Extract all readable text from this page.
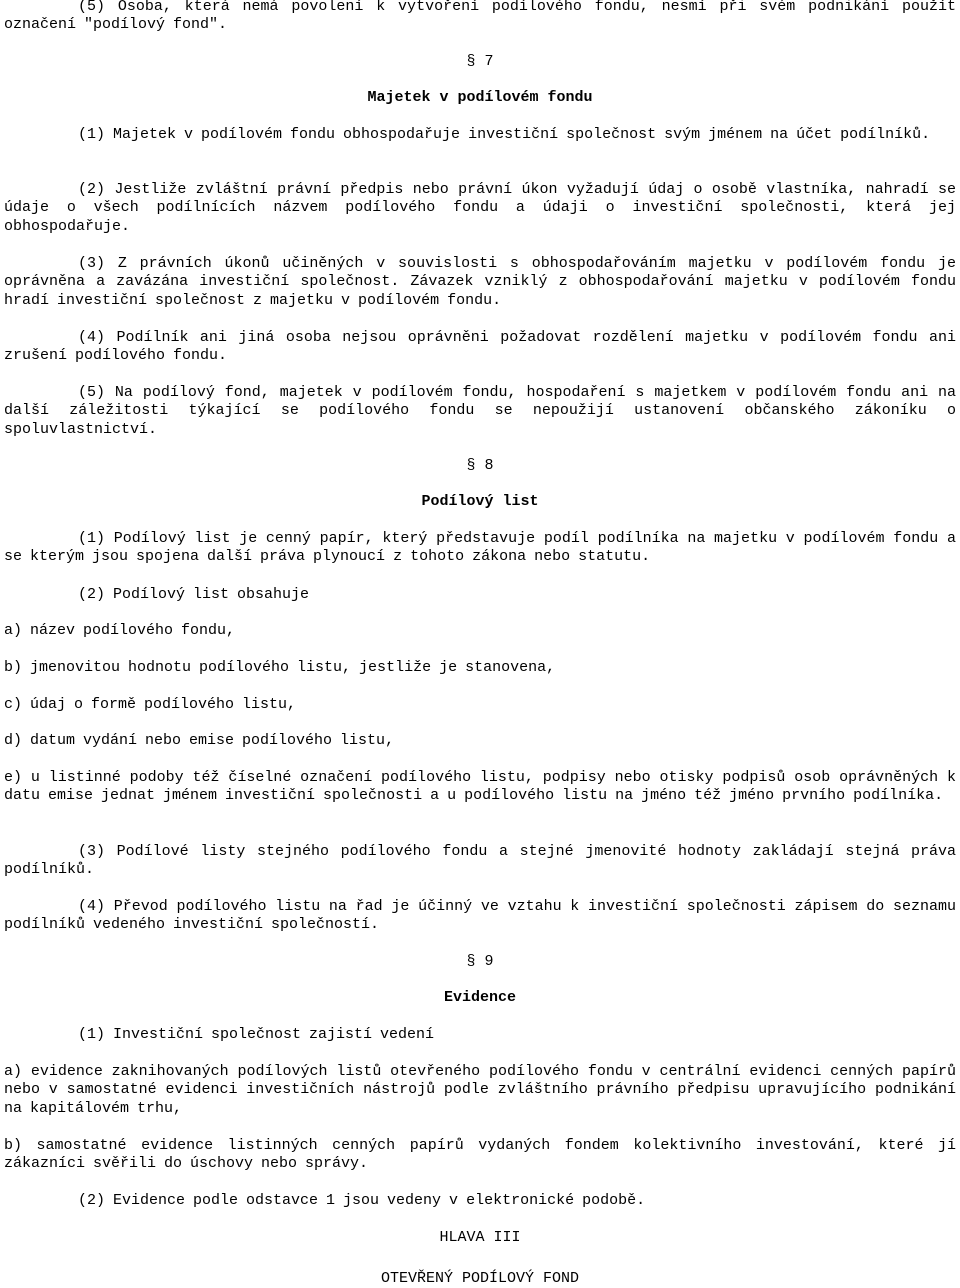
(5) Osoba, která nemá povolení k vytvoření podílového fondu, nesmí při svém podnikání použít označení "podílový fond".

§ 7
Majetek v podílovém fondu

(1) Majetek v podílovém fondu obhospodařuje investiční společnost svým jménem na účet podílníků.

(2) Jestliže zvláštní právní předpis nebo právní úkon vyžadují údaj o osobě vlastníka, nahradí se údaje o všech podílnících názvem podílového fondu a údaji o investiční společnosti, která jej obhospodařuje.

(3) Z právních úkonů učiněných v souvislosti s obhospodařováním majetku v podílovém fondu je oprávněna a zavázána investiční společnost. Závazek vzniklý z obhospodařování majetku v podílovém fondu hradí investiční společnost z majetku v podílovém fondu.

(4) Podílník ani jiná osoba nejsou oprávněni požadovat rozdělení majetku v podílovém fondu ani zrušení podílového fondu.

(5) Na podílový fond, majetek v podílovém fondu, hospodaření s majetkem v podílovém fondu ani na další záležitosti týkající se podílového fondu se nepoužijí ustanovení občanského zákoníku o spoluvlastnictví.

§ 8
Podílový list

(1) Podílový list je cenný papír, který představuje podíl podílníka na majetku v podílovém fondu a se kterým jsou spojena další práva plynoucí z tohoto zákona nebo statutu.

(2) Podílový list obsahuje

a) název podílového fondu,

b) jmenovitou hodnotu podílového listu, jestliže je stanovena,

c) údaj o formě podílového listu,

d) datum vydání nebo emise podílového listu,

e) u listinné podoby též číselné označení podílového listu, podpisy nebo otisky podpisů osob oprávněných k datu emise jednat jménem investiční společnosti a u podílového listu na jméno též jméno prvního podílníka.

(3) Podílové listy stejného podílového fondu a stejné jmenovité hodnoty zakládají stejná práva podílníků.

(4) Převod podílového listu na řad je účinný ve vztahu k investiční společnosti zápisem do seznamu podílníků vedeného investiční společností.

§ 9
Evidence

(1) Investiční společnost zajistí vedení

a) evidence zaknihovaných podílových listů otevřeného podílového fondu v centrální evidenci cenných papírů nebo v samostatné evidenci investičních nástrojů podle zvláštního právního předpisu upravujícího podnikání na kapitálovém trhu,

b) samostatné evidence listinných cenných papírů vydaných fondem kolektivního investování, které jí zákazníci svěřili do úschovy nebo správy.

(2) Evidence podle odstavce 1 jsou vedeny v elektronické podobě.

HLAVA III
OTEVŘENÝ PODÍLOVÝ FOND
